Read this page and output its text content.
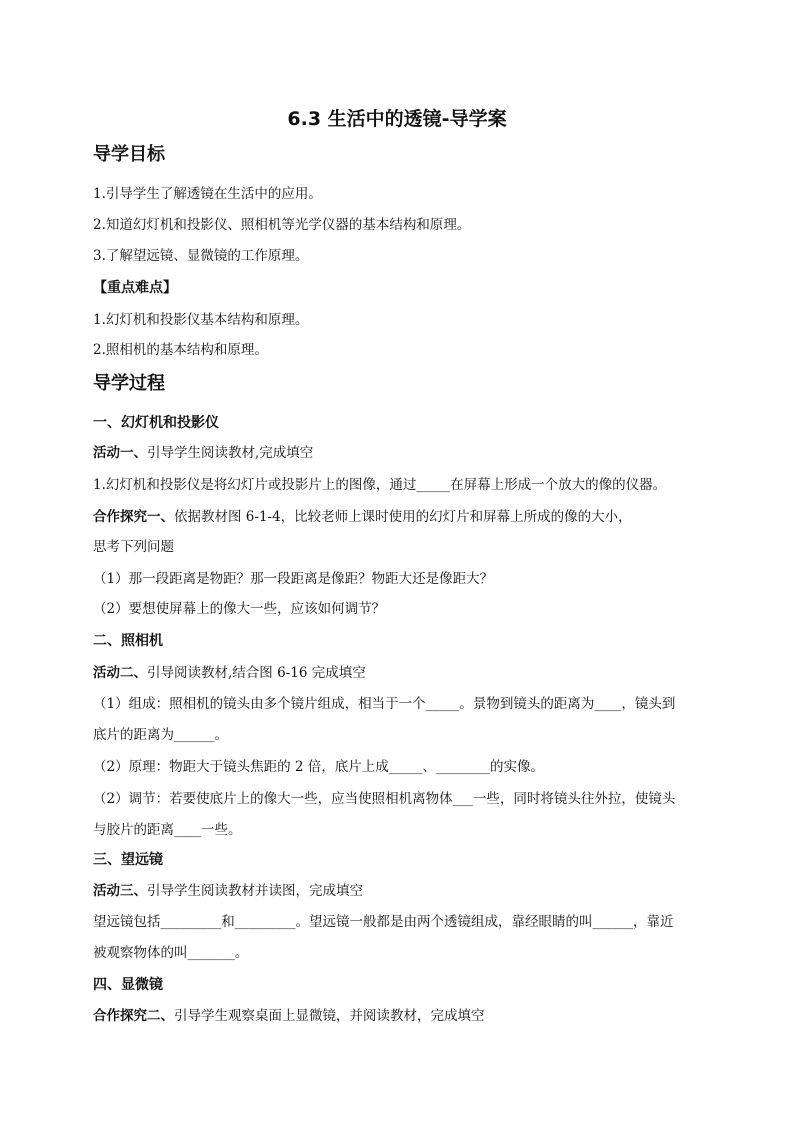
6.3 生活中的透镜-导学案
导学目标
1.引导学生了解透镜在生活中的应用。
2.知道幻灯机和投影仪、照相机等光学仪器的基本结构和原理。
3.了解望远镜、显微镜的工作原理。
【重点难点】
1.幻灯机和投影仪基本结构和原理。
2.照相机的基本结构和原理。
导学过程
一、幻灯机和投影仪
活动一、引导学生阅读教材,完成填空
1.幻灯机和投影仪是将幻灯片或投影片上的图像，通过_____在屏幕上形成一个放大的像的仪器。
合作探究一、依据教材图 6-1-4，比较老师上课时使用的幻灯片和屏幕上所成的像的大小，
思考下列问题
（1）那一段距离是物距？那一段距离是像距？物距大还是像距大？
（2）要想使屏幕上的像大一些，应该如何调节？
二、照相机
活动二、引导阅读教材,结合图 6-16 完成填空
（1）组成：照相机的镜头由多个镜片组成，相当于一个_____。景物到镜头的距离为____，镜头到
底片的距离为______。
（2）原理：物距大于镜头焦距的 2 倍，底片上成_____、________的实像。
（2）调节：若要使底片上的像大一些，应当使照相机离物体___一些，同时将镜头往外拉，使镜头
与胶片的距离____一些。
三、望远镜
活动三、引导学生阅读教材并读图，完成填空
望远镜包括_________和_________。望远镜一般都是由两个透镜组成，靠经眼睛的叫______，靠近
被观察物体的叫_______。
四、显微镜
合作探究二、引导学生观察桌面上显微镜，并阅读教材，完成填空
